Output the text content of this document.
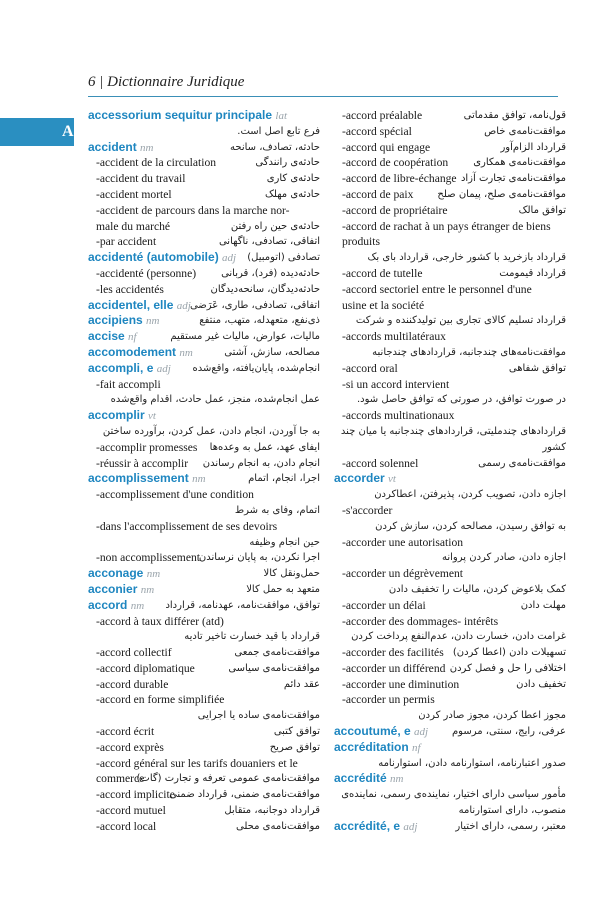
6 | Dictionnaire Juridique
A
accessorium sequitur principale lat
فرع تابع اصل است.
accident nm	حادثه، تصادف، سانحه
-accident de la circulation	حادثه‌ی رانندگی
-accident du travail	حادثه‌ی کاری
-accident mortel	حادثه‌ی مهلک
-accident de parcours dans la marche nor-
male du marché	حادثه‌ی حین راه رفتن
-par accident	اتفاقی، تصادفی، ناگهانی
accidenté (automobile) adj تصادفی (اتومبیل)
-accidenté (personne) حادثه‌دیده (فرد)، قربانی
-les accidentés	حادثه‌دیدگان، سانحه‌دیدگان
accidentel, elle adj اتفاقی، تصادفی، طاری، عَرَضی
accipiens nm	ذی‌نفع، متعهدله، متهب، منتفع
accise nf	مالیات، عوارض، مالیات غیر مستقیم
accomodement nm	مصالحه، سازش، آشتی
accompli, e adj انجام‌شده، پایان‌یافته، واقع‌شده
-fait accompli
عمل انجام‌شده، منجز، عمل حادث، اقدام واقع‌شده
accomplir vt
به جا آوردن، انجام دادن، عمل کردن، برآورده ساختن
-accomplir promesses ایفای عهد، عمل به وعده‌ها
-réussir à accomplir انجام دادن، به انجام رساندن
accomplissement nm	اجرا، انجام، اتمام
-accomplissement d'une condition
اتمام، وفای به شرط
-dans l'accomplissement de ses devoirs
حین انجام وظیفه
-non accomplissement
اجرا نکردن، به پایان نرساندن
acconage nm	حمل‌ونقل کالا
acconier nm	متعهد به حمل کالا
accord nm توافق، موافقت‌نامه، عهدنامه، قرارداد
-accord à taux différer (atd)
قرارداد با قید خسارت تاخیر تادیه
-accord collectif	موافقت‌نامه‌ی جمعی
-accord diplomatique	موافقت‌نامه‌ی سیاسی
-accord durable	عقد دائم
-accord en forme simplifiée
موافقت‌نامه‌ی ساده یا اجرایی
-accord écrit	توافق کتبی
-accord exprès	توافق صریح
-accord général sur les tarifs douaniers et le
commerce
موافقت‌نامه‌ی عمومی تعرفه و تجارت (گات)
-accord implicite
موافقت‌نامه‌ی ضمنی، قرارداد ضمنی
-accord mutuel	قرارداد دوجانبه، متقابل
-accord local	موافقت‌نامه‌ی محلی
-accord préalable	قول‌نامه، توافق مقدماتی
-accord spécial	موافقت‌نامه‌ی خاص
-accord qui engage	قرارداد الزام‌آور
-accord de coopération موافقت‌نامه‌ی همکاری
-accord de libre-échange موافقت‌نامه‌ی تجارت آزاد
-accord de paix موافقت‌نامه‌ی صلح، پیمان صلح
-accord de propriétaire	توافق مالک
-accord de rachat à un pays étranger de biens
produits
قرارداد بازخرید با کشور خارجی، قرارداد بای بک
-accord de tutelle	قرارداد قیمومت
-accord sectoriel entre le personnel d'une
usine et la société
قرارداد تسلیم کالای تجاری بین تولیدکننده و شرکت
-accords multilatéraux
موافقت‌نامه‌های چندجانبه، قراردادهای چندجانبه
-accord oral	توافق شفاهی
-si un accord intervient
در صورت توافق، در صورتی که توافق حاصل شود.
-accords multinationaux
قراردادهای چندملیتی، قراردادهای چندجانبه یا میان چند
کشور
-accord solennel	موافقت‌نامه‌ی رسمی
accorder vt
اجازه دادن، تصویب کردن، پذیرفتن، اعطاکردن
-s'accorder
به توافق رسیدن، مصالحه کردن، سازش کردن
-accorder une autorisation
اجازه دادن، صادر کردن پروانه
-accorder un dégrèvement
کمک بلاعوض کردن، مالیات را تخفیف دادن
-accorder un délai	مهلت دادن
-accorder des dommages- intérêts
غرامت دادن، خسارت دادن، عدم‌النفع پرداخت کردن
-accorder des facilités تسهیلات دادن (اعطا کردن)
-accorder un différend اختلافی را حل و فصل کردن
-accorder une diminution	تخفیف دادن
-accorder un permis
مجوز اعطا کردن، مجوز صادر کردن
accoutumé, e adj عرفی، رایج، سنتی، مرسوم
accréditation nf
صدور اعتبارنامه، استوارنامه دادن، استوارنامه
accrédité nm
مأمور سیاسی دارای اختیار، نماینده‌ی رسمی، نماینده‌ی
منصوب، دارای استوارنامه
accrédité, e adj	معتبر، رسمی، دارای اختیار
